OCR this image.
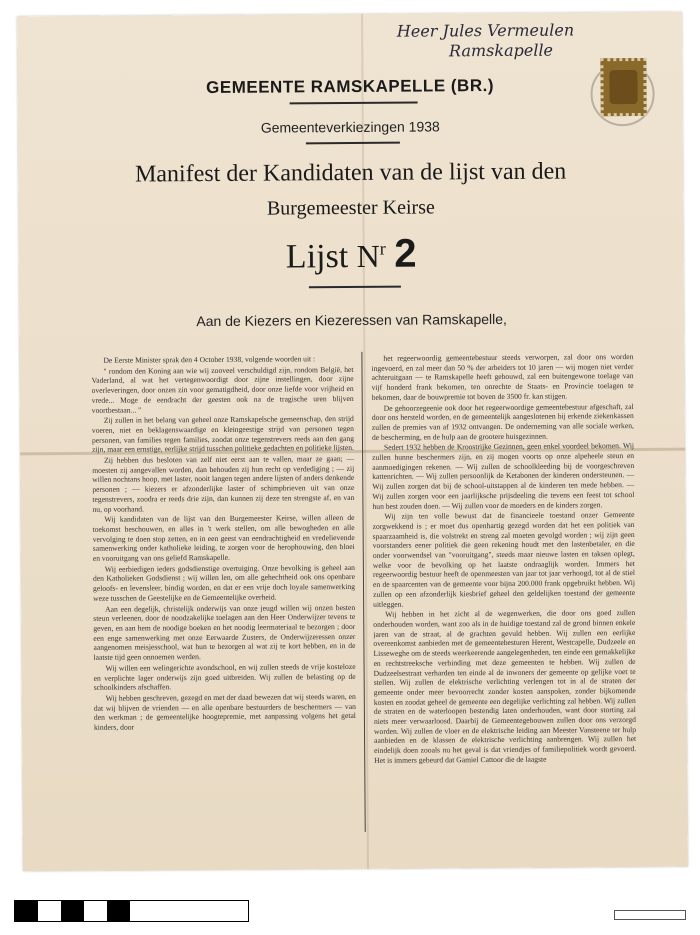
Heer Jules Vermeulen
Ramskapelle
GEMEENTE RAMSKAPELLE (BR.)
Gemeenteverkiezingen 1938
Manifest der Kandidaten van de lijst van den
Burgemeester Keirse
Lijst $N^r$ 2
Aan de Kiezers en Kiezeressen van Ramskapelle,

De Eerste Minister sprak den 4 October 1938, volgende woorden uit :

" rondom den Koning aan wie wij zooveel verschuldigd zijn, rondom België, het Vaderland, al wat het vertegenwoordigt door zijne instellingen, door zijne overleveringen, door onzen zin voor gematigdheid, door onze liefde voor vrijheid en vrede... Moge de eendracht der geesten ook na de tragische uren blijven voortbestaan... "

Zij zullen in het belang van geheel onze Ramskapelsche gemeenschap, den strijd voeren, niet en beklagenswaardige en kleingeestige strijd van personen tegen personen, van families tegen families, zoodat onze tegenstrevers reeds aan den gang zijn, maar een ernstige, eerlijke strijd tusschen politieke gedachten en politieke lijsten.

Zij hebben dus besloten van zelf niet eerst aan te vallen, maar ze gaan; — moesten zij aangevallen worden, dan behouden zij hun recht op verdediging ; — zij willen nochtans hoop, met laster, nooit langen tegen andere lijsten of anders denkende personen ; — kiezers er afzonderlijke laster of schimpbrieven uit van onze tegenstrevers, zoodra er reeds drie zijn, dan kunnen zij deze ten strengste af, en van nu, op voorhand.

Wij kandidaten van de lijst van den Burgemeester Keirse, willen alleen de toekomst beschouwen, en alles in 't werk stellen, om alle bewogheden en alle vervolging te doen stop zetten, en in een geest van eendrachtigheid en vredelievende samenwerking onder katholieke leiding, te zorgen voor de herophouwing, den bloei en vooruitgang van ons geliefd Ramskapelle.

Wij eerbiedigen ieders godsdienstige overtuiging. Onze bevolking is geheel aan den Katholieken Godsdienst ; wij willen len, om alle gehechtheid ook ons openbare geloofs- en levensleer, bindig worden, en dat er een vrije doch loyale samenwerking weze tusschen de Geestelijke en de Gemeentelijke overheid.

Aan een degelijk, christelijk onderwijs van onze jeugd willen wij onzen besten steun verleenen, door de noodzakelijke toelagen aan den Heer Onderwijzer tevens te geven, en aan hem de noodige boeken en het noodig leermateriaal te bezorgen ; door een enge samenwerking met onze Eerwaarde Zusters, de Onderwijzeressen onzer aangenomen meisjesschool, wat hun te bezorgen al wat zij te kort hebben, en in de laatste tijd geen onnoemen werden.

Wij willen een welingerichte avondschool, en wij zullen steeds de vrije kosteloze en verplichte lager onderwijs zijn goed uitbreiden. Wij zullen de belasting op de schoolkinders afschaffen.

Wij hebben geschreven, gezegd en met der daad bewezen dat wij steeds waren, en dat wij blijven de vrienden — en alle openbare bestuurders de beschermers — van den werkman ; de gemeentelijke hoogtepremie, met aanpassing volgens het getal kinders, door

het regeerwoordig gemeentebestuur steeds verworpen, zal door ons worden ingevoerd, en zal meer dan 50 % der arbeiders tot 10 jaren — wij mogen niet verder achteruitgaan — te Ramskapelle heeft gebouwd, zal een buitengewone toelage van vijf honderd frank bekomen, ten onrechte de Staats- en Provincie toelagen te bekomen, daar de bouwpremie tot boven de 3500 fr. kan stijgen.

De gehoorzegeenie ook door het regeerwoordige gemeentebestuur afgeschaft, zal door ons hersteld worden, en de gemeentelijk aangeslotenen bij erkende ziekenkassen zullen de premies van af 1932 ontvangen. De onderneming van alle sociale werken, de bescherming, en de hulp aan de grootere huisgezinnen.

Sedert 1932 hebben de Kroostrijke Gezinnen, geen enkel voordeel bekomen. Wij zullen hunne beschermers zijn, en zij mogen voorts op onze alpeheele steun en aanmoedigingen rekenen. — Wij zullen de schoolkleeding bij de voorgeschreven kattenrichten. — Wij zullen persoonlijk de Ketabonen der kinderen ondersteunen. — Wij zullen zorgen dat bij de school-uitstappen al de kinderen ten mede hebben. — Wij zullen zorgen voor een jaarlijksche prijsdeeling die tevens een feest tot school hun best zouden doen. — Wij zullen voor de moeders en de kinders zorgen.

Wij zijn ten volle bewust dat de financieele toestand onzer Gemeente zorgwekkend is ; er moet dus openhartig gezegd worden dat het een politiek van spaarzaamheid is, die volstrekt en streng zal moeten gevolgd worden ; wij zijn geen voorstanders eener politiek die geen rekening houdt met den lastenbetaler, en die onder voorwendsel van "vooruitgang", steeds maar nieuwe lasten en taksen oplegt, welke voor de bevolking op het laatste ondraaglijk worden. Immers het regeerwoordig bestuur heeft de openmeesten van jaar tot jaar verhoogd, tot al de stiel en de spaarcenten van de gemeente voor bijna 200.000 frank opgebruikt hebben. Wij zullen op een afzonderlijk kiesbrief geheel den geldelijken toestand der gemeente uitleggen.

Wij hebben in het zicht al de wegenwerken, die door ons goed zullen onderhouden worden, want zoo als in de huidige toestand zal de grond binnen enkele jaren van de straat, al de grachten gevuld hebben. Wij zullen een eerlijke overeenkomst aanbieden met de gemeentebesturen Herent, Westcapelle, Dudzeele en Lisseweghe om de steeds weerkeerende aangelegenheden, ten einde een gemakkelijke en rechtstreeksche verbinding met deze gemeenten te hebben. Wij zullen de Dudzeelsestraat verharden ten einde al de inwoners der gemeente op gelijke voet te stellen. Wij zullen de elektrische verlichting verlengen tot in al de straten der gemeente onder meer bevoorrecht zonder kosten aanspoken, zonder bijkomende kosten en zoodat geheel de gemeente een degelijke verlichting zal hebben. Wij zullen de straten en de waterloopen bestendig laten onderhouden, want door storting zal niets meer verwaarloosd. Daarbij de Gemeentegebouwen zullen door ons verzorgd worden. Wij zullen de vloer en de elektrische leiding aan Meester Vansteene ter hulp aanbieden en de klassen de elektrische verlichting aanbrengen. Wij zullen het eindelijk doen zooals nu het geval is dat vriendjes of familiepolitiek wordt gevoerd. Het is immers gebeurd dat Gamiel Cattoor die de laagste
